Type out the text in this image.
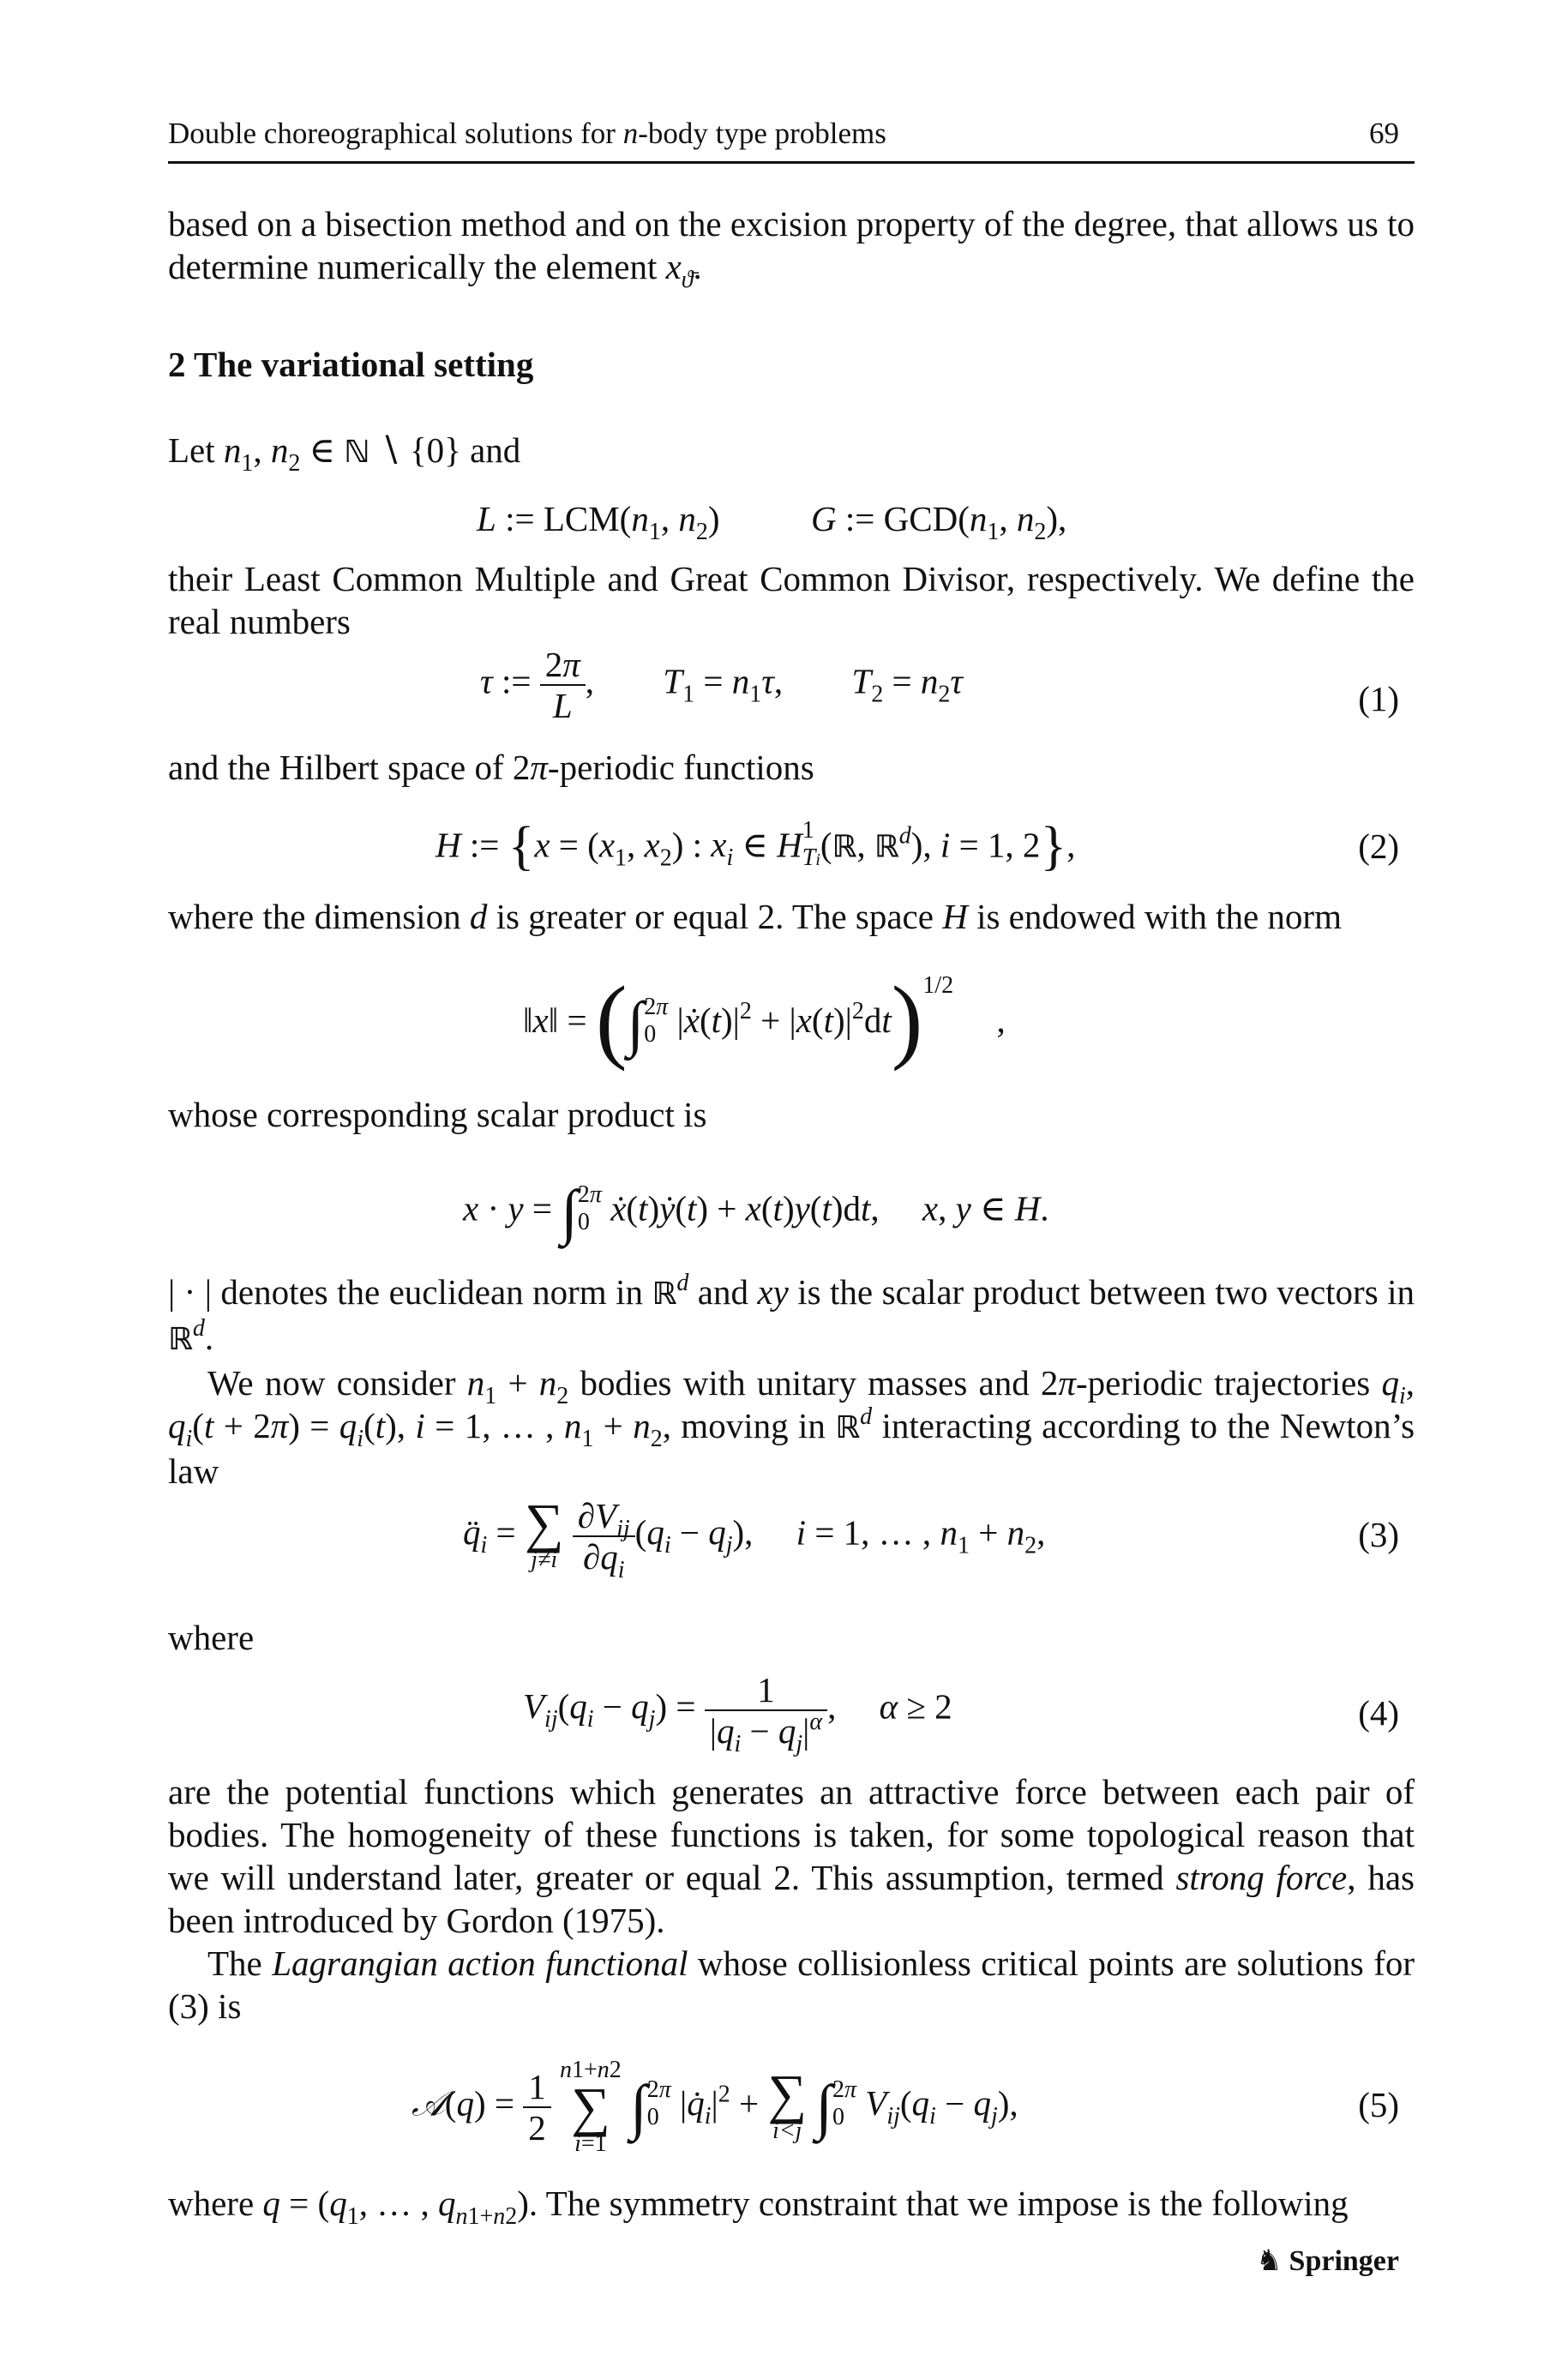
Double choreographical solutions for n-body type problems	69

based on a bisection method and on the excision property of the degree, that allows us to determine numerically the element $x_{ϑ̄}$.

2 The variational setting

Let $n_1$, $n_2$ ∈ ℕ ∖ {0} and

L := $LCM(n_1$, $n_2$)	G := $GCD(n_1$, $n_2$),
their Least Common Multiple and Great Common Divisor, respectively. We define the real numbers
τ := $\frac{2\pi}{L}$ , $T_1 = n_1\tau$, $T_2 = n_2\tau$	(1)

and the Hilbert space of 2π-periodic functions

H := {$x = (x_1$, $x_2$) : $x_i$ ∈ H1
Ti(ℝ, ℝ$^d$), i = 1, 2},	(2)

where the dimension d is greater or equal 2. The space H is endowed with the norm

‖x‖ = (∫2π
0 $|ẋ(t)|^2 + |x(t)|^2dt)^{1/2}$ ,
whose corresponding scalar product is
x · y = ∫2π
0 ẋ(t)ẏ(t) + x(t)y(t)dt, x, y ∈ H.

| · | denotes the euclidean norm in ℝ$^d$ and xy is the scalar product between two vectors in ℝ$^d$.

We now consider $n_1 + n_2$ bodies with unitary masses and 2π-periodic trajectories $q_i$, $q_i(t + 2\pi) = q_i(t)$, i = 1, … , $n_1 + n_2$, moving in ℝ$^d$ interacting according to the Newton’s law

$q̈_i$ = ∑
j≠i
$\frac{\partial V_{ij}}{\partial q_i} (q_i - q_j)$, i = 1, … , $n_1 + n_2$,	(3)
where
$V_{ij}(q_i - q_j) = \frac{1}{|q_i - q_j|^\alpha}$ , α ≥ 2	(4)

are the potential functions which generates an attractive force between each pair of bodies. The homogeneity of these functions is taken, for some topological reason that we will understand later, greater or equal 2. This assumption, termed strong force, has been introduced by Gordon (1975).

The Lagrangian action functional whose collisionless critical points are solutions for (3) is

𝒜(q) = $\frac{1}{2}$
n1+n2
∑
i=1
∫2π
0 $|q̇_i|^2$ + ∑
i<j ∫2π
0 $V_{ij}(q_i - q_j)$,	(5)

where $q = (q_1$, … , $q_{n1+n2}$). The symmetry constraint that we impose is the following

♞ Springer
